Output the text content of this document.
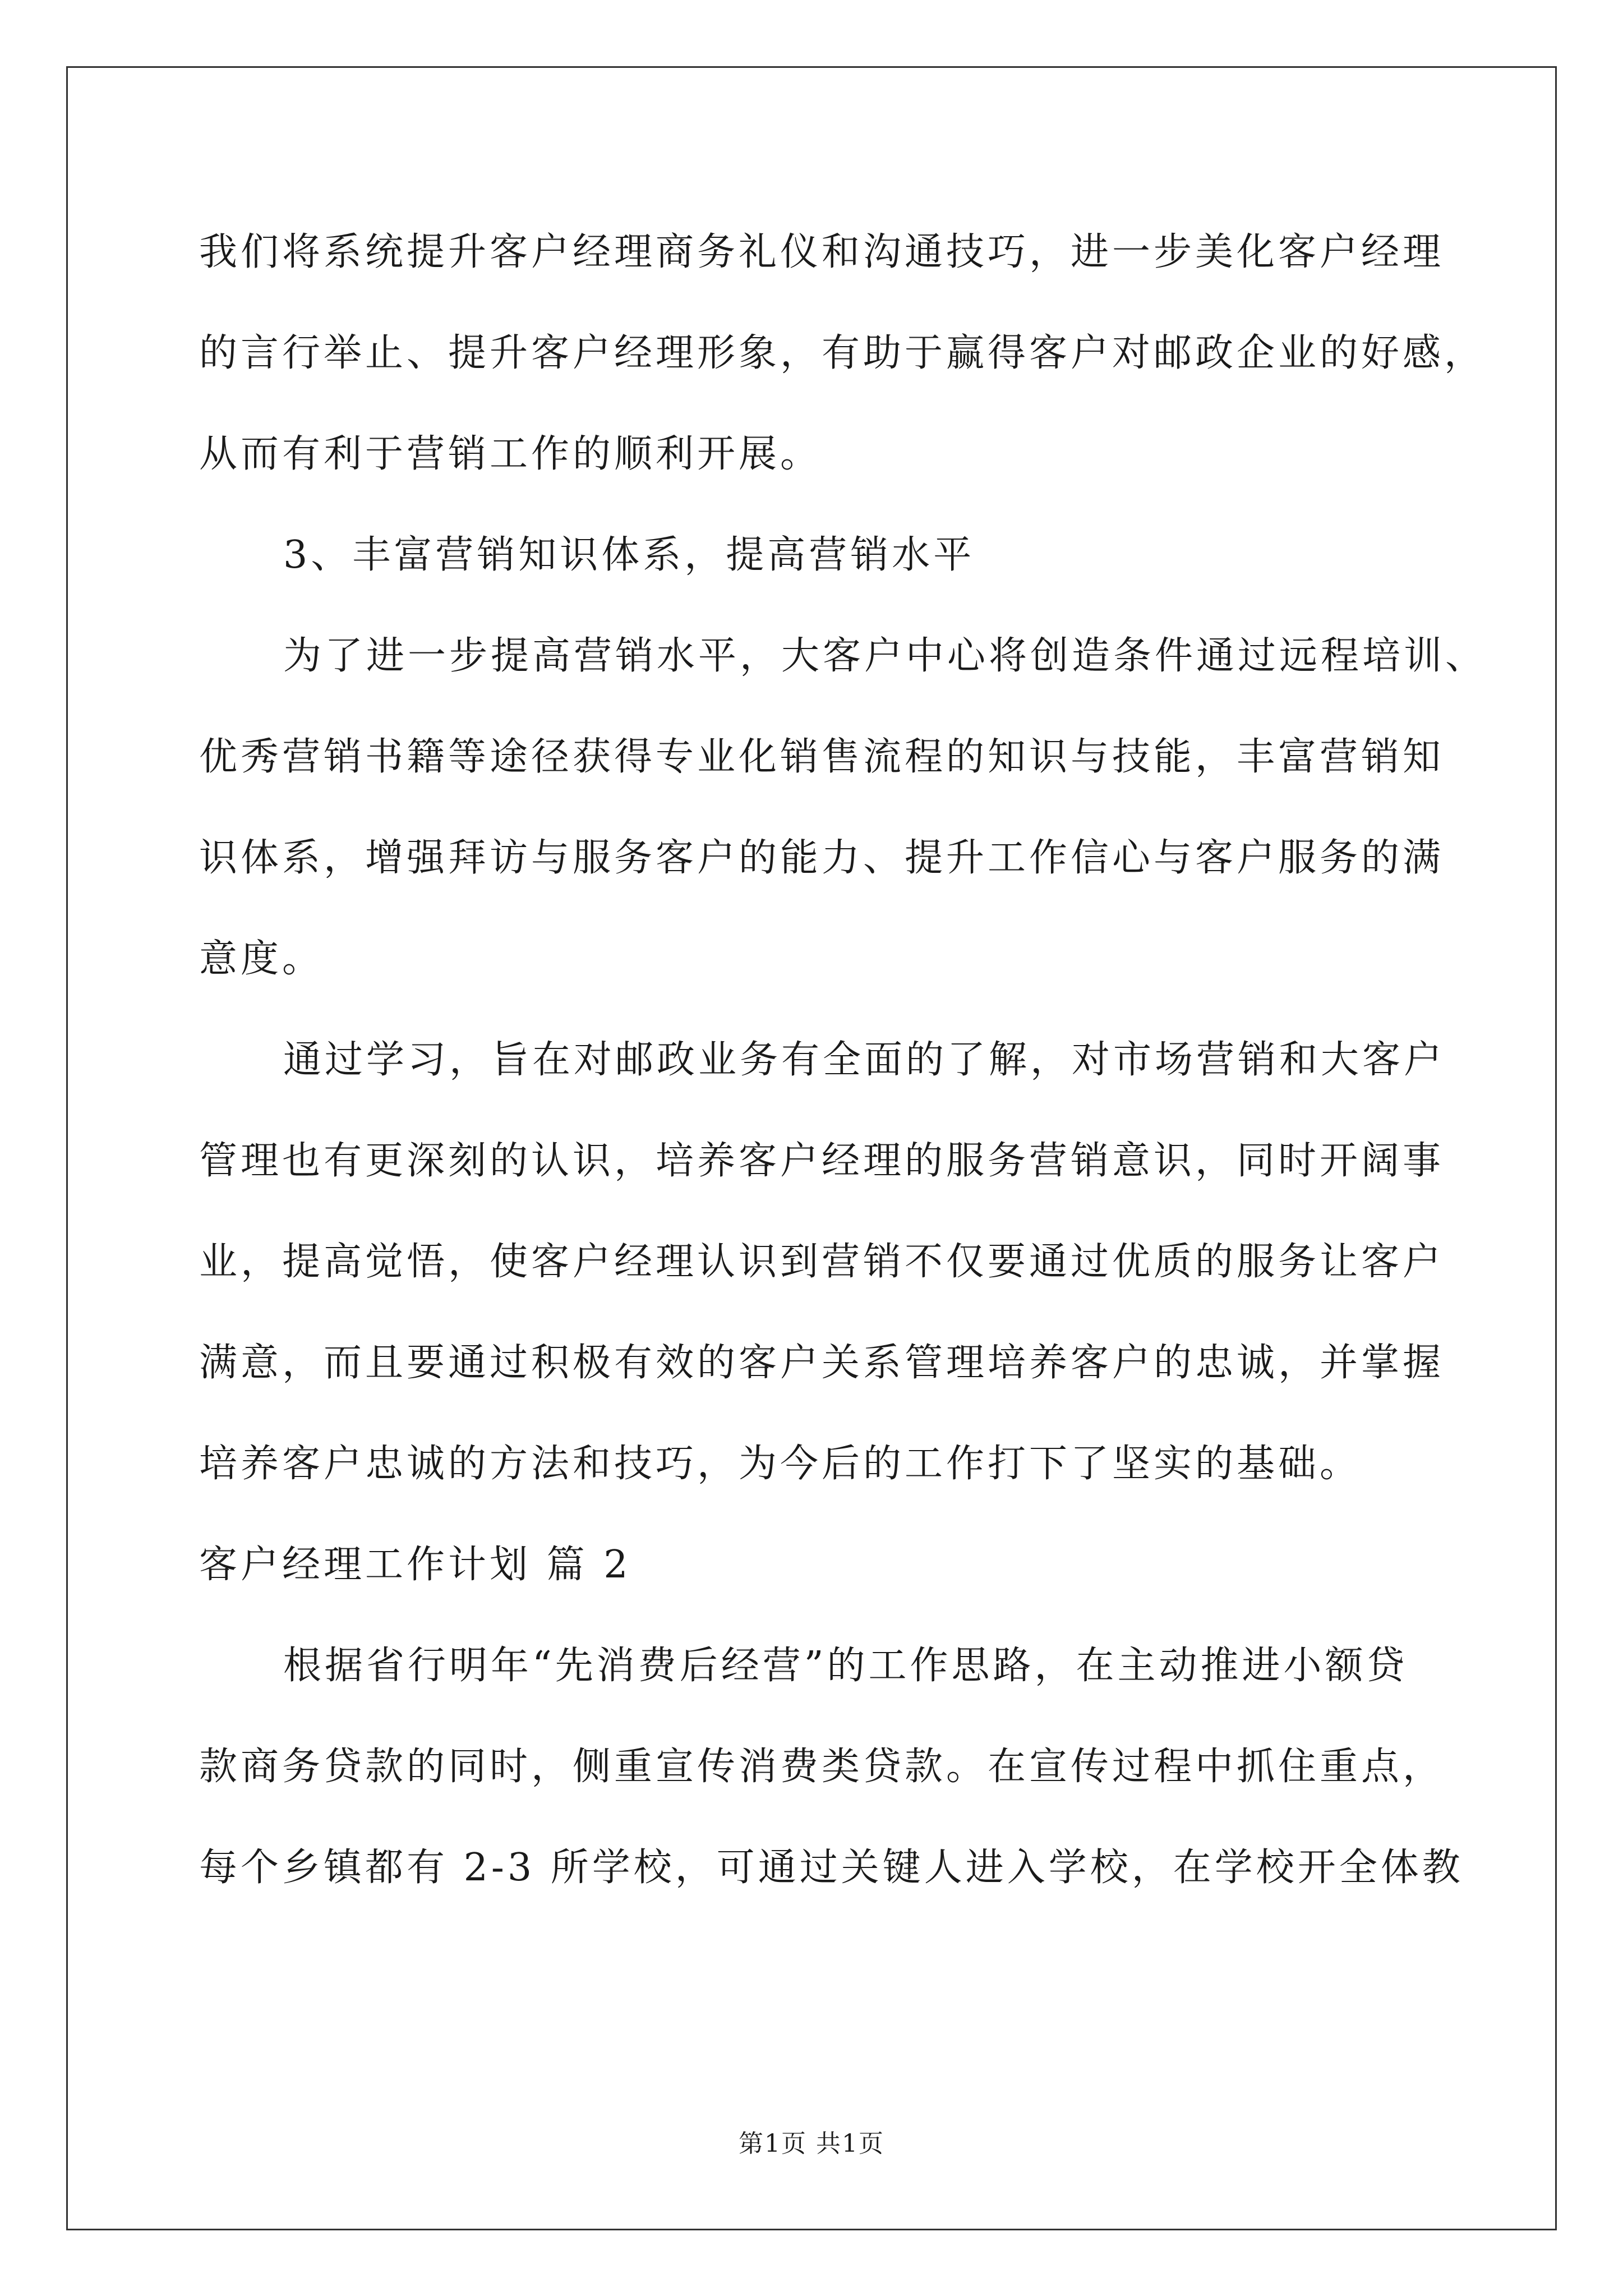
我们将系统提升客户经理商务礼仪和沟通技巧，进一步美化客户经理
的言行举止、提升客户经理形象，有助于赢得客户对邮政企业的好感，
从而有利于营销工作的顺利开展。
3、丰富营销知识体系，提高营销水平
为了进一步提高营销水平，大客户中心将创造条件通过远程培训、
优秀营销书籍等途径获得专业化销售流程的知识与技能，丰富营销知
识体系，增强拜访与服务客户的能力、提升工作信心与客户服务的满
意度。
通过学习，旨在对邮政业务有全面的了解，对市场营销和大客户
管理也有更深刻的认识，培养客户经理的服务营销意识，同时开阔事
业，提高觉悟，使客户经理认识到营销不仅要通过优质的服务让客户
满意，而且要通过积极有效的客户关系管理培养客户的忠诚，并掌握
培养客户忠诚的方法和技巧，为今后的工作打下了坚实的基础。
客户经理工作计划 篇 2
根据省行明年“先消费后经营”的工作思路，在主动推进小额贷
款商务贷款的同时，侧重宣传消费类贷款。在宣传过程中抓住重点，
每个乡镇都有 2-3 所学校，可通过关键人进入学校，在学校开全体教
第1页 共1页
